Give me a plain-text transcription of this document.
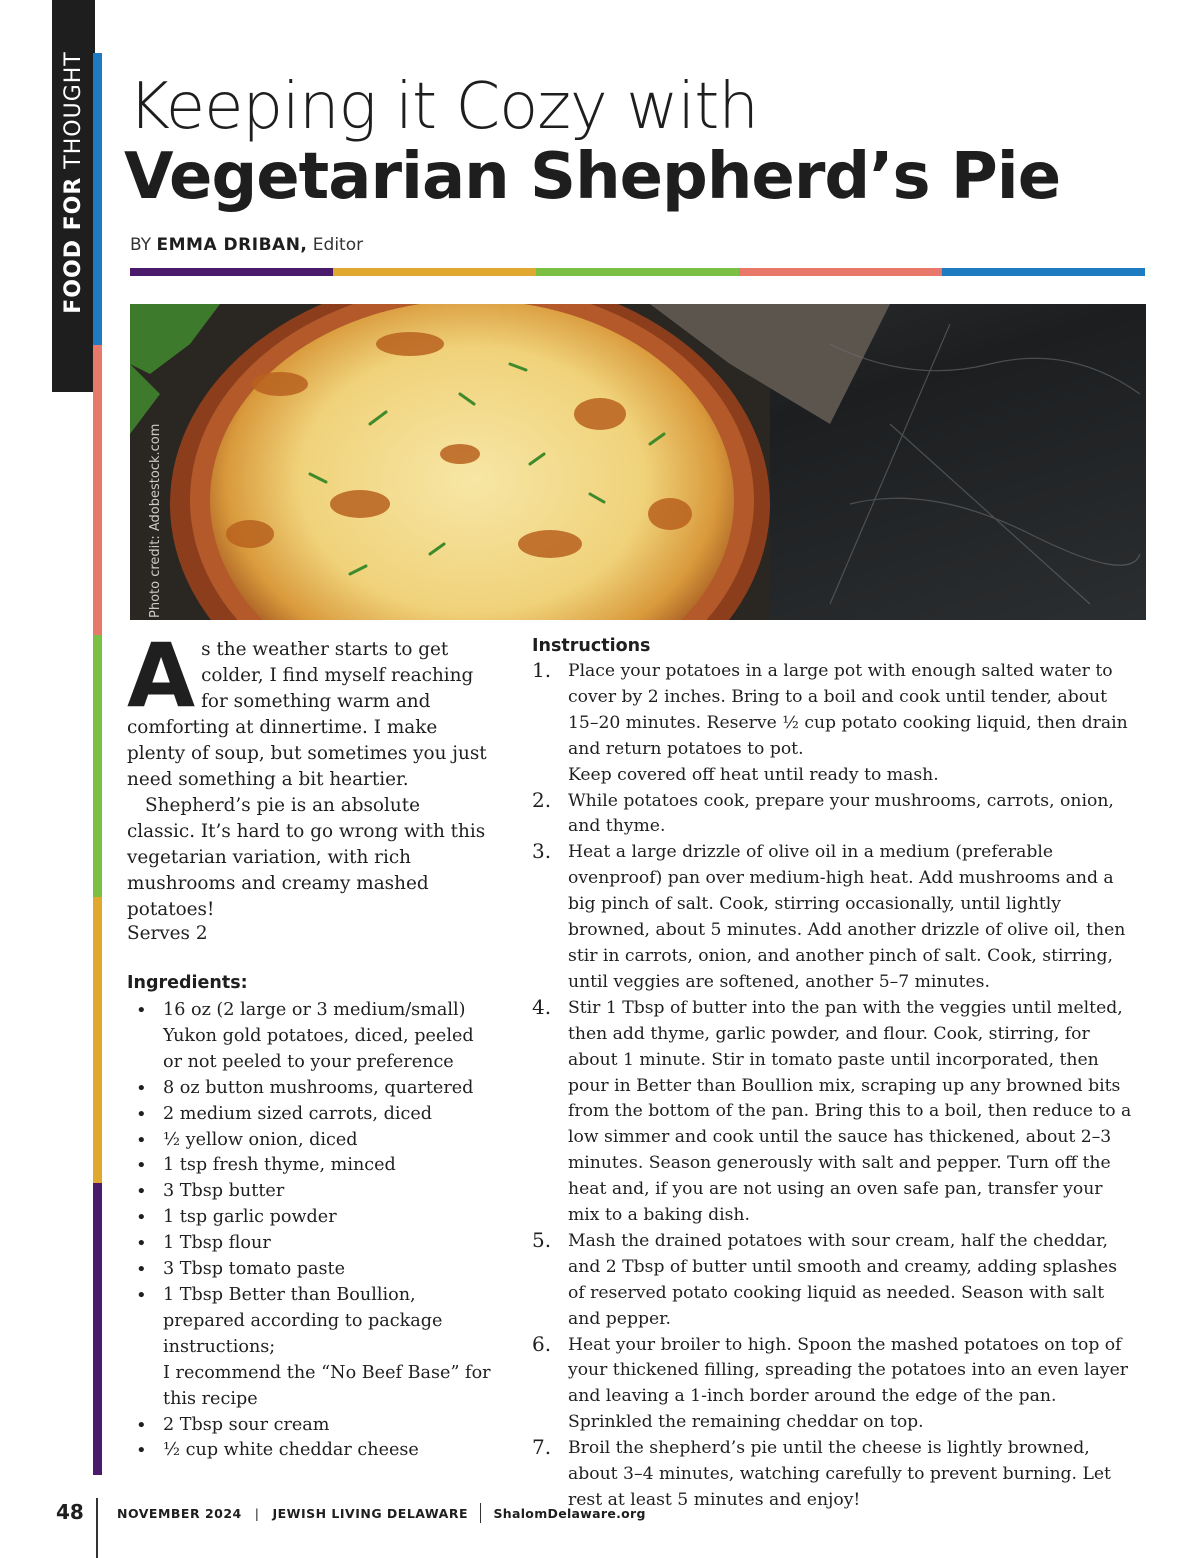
FOOD FOR THOUGHT Keeping it Cozy with
Vegetarian Shepherd’s Pie
BY EMMA DRIBAN, Editor
Photo credit: Adobestock.com
A s the weather starts to get colder, I find myself reaching for something warm and comforting at dinnertime. I make plenty of soup, but sometimes you just need something a bit heartier.

Shepherd’s pie is an absolute classic. It’s hard to go wrong with this vegetarian variation, with rich mushrooms and creamy mashed potatoes!

Serves 2
Ingredients:
• 16 oz (2 large or 3 medium/small) Yukon gold potatoes, diced, peeled or not peeled to your preference
• 8 oz button mushrooms, quartered
• 2 medium sized carrots, diced
• ½ yellow onion, diced
• 1 tsp fresh thyme, minced
• 3 Tbsp butter
• 1 tsp garlic powder
• 1 Tbsp flour
• 3 Tbsp tomato paste
• 1 Tbsp Better than Boullion, prepared according to package instructions;
I recommend the “No Beef Base” for this recipe
• 2 Tbsp sour cream
• ½ cup white cheddar cheese
Instructions
1. Place your potatoes in a large pot with enough salted water to cover by 2 inches. Bring to a boil and cook until tender, about 15–20 minutes. Reserve ½ cup potato cooking liquid, then drain and return potatoes to pot.
Keep covered off heat until ready to mash.
2. While potatoes cook, prepare your mushrooms, carrots, onion, and thyme.
3. Heat a large drizzle of olive oil in a medium (preferable ovenproof) pan over medium-high heat. Add mushrooms and a big pinch of salt. Cook, stirring occasionally, until lightly browned, about 5 minutes. Add another drizzle of olive oil, then stir in carrots, onion, and another pinch of salt. Cook, stirring, until veggies are softened, another 5–7 minutes.
4. Stir 1 Tbsp of butter into the pan with the veggies until melted, then add thyme, garlic powder, and flour. Cook, stirring, for about 1 minute. Stir in tomato paste until incorporated, then pour in Better than Boullion mix, scraping up any browned bits from the bottom of the pan. Bring this to a boil, then reduce to a low simmer and cook until the sauce has thickened, about 2–3 minutes. Season generously with salt and pepper. Turn off the heat and, if you are not using an oven safe pan, transfer your mix to a baking dish.
5. Mash the drained potatoes with sour cream, half the cheddar, and 2 Tbsp of butter until smooth and creamy, adding splashes of reserved potato cooking liquid as needed. Season with salt and pepper.
6. Heat your broiler to high. Spoon the mashed potatoes on top of your thickened filling, spreading the potatoes into an even layer and leaving a 1-inch border around the edge of the pan. Sprinkled the remaining cheddar on top.
7. Broil the shepherd’s pie until the cheese is lightly browned, about 3–4 minutes, watching carefully to prevent burning. Let rest at least 5 minutes and enjoy!
48	NOVEMBER 2024 | JEWISH LIVING DELAWARE ShalomDelaware.org
